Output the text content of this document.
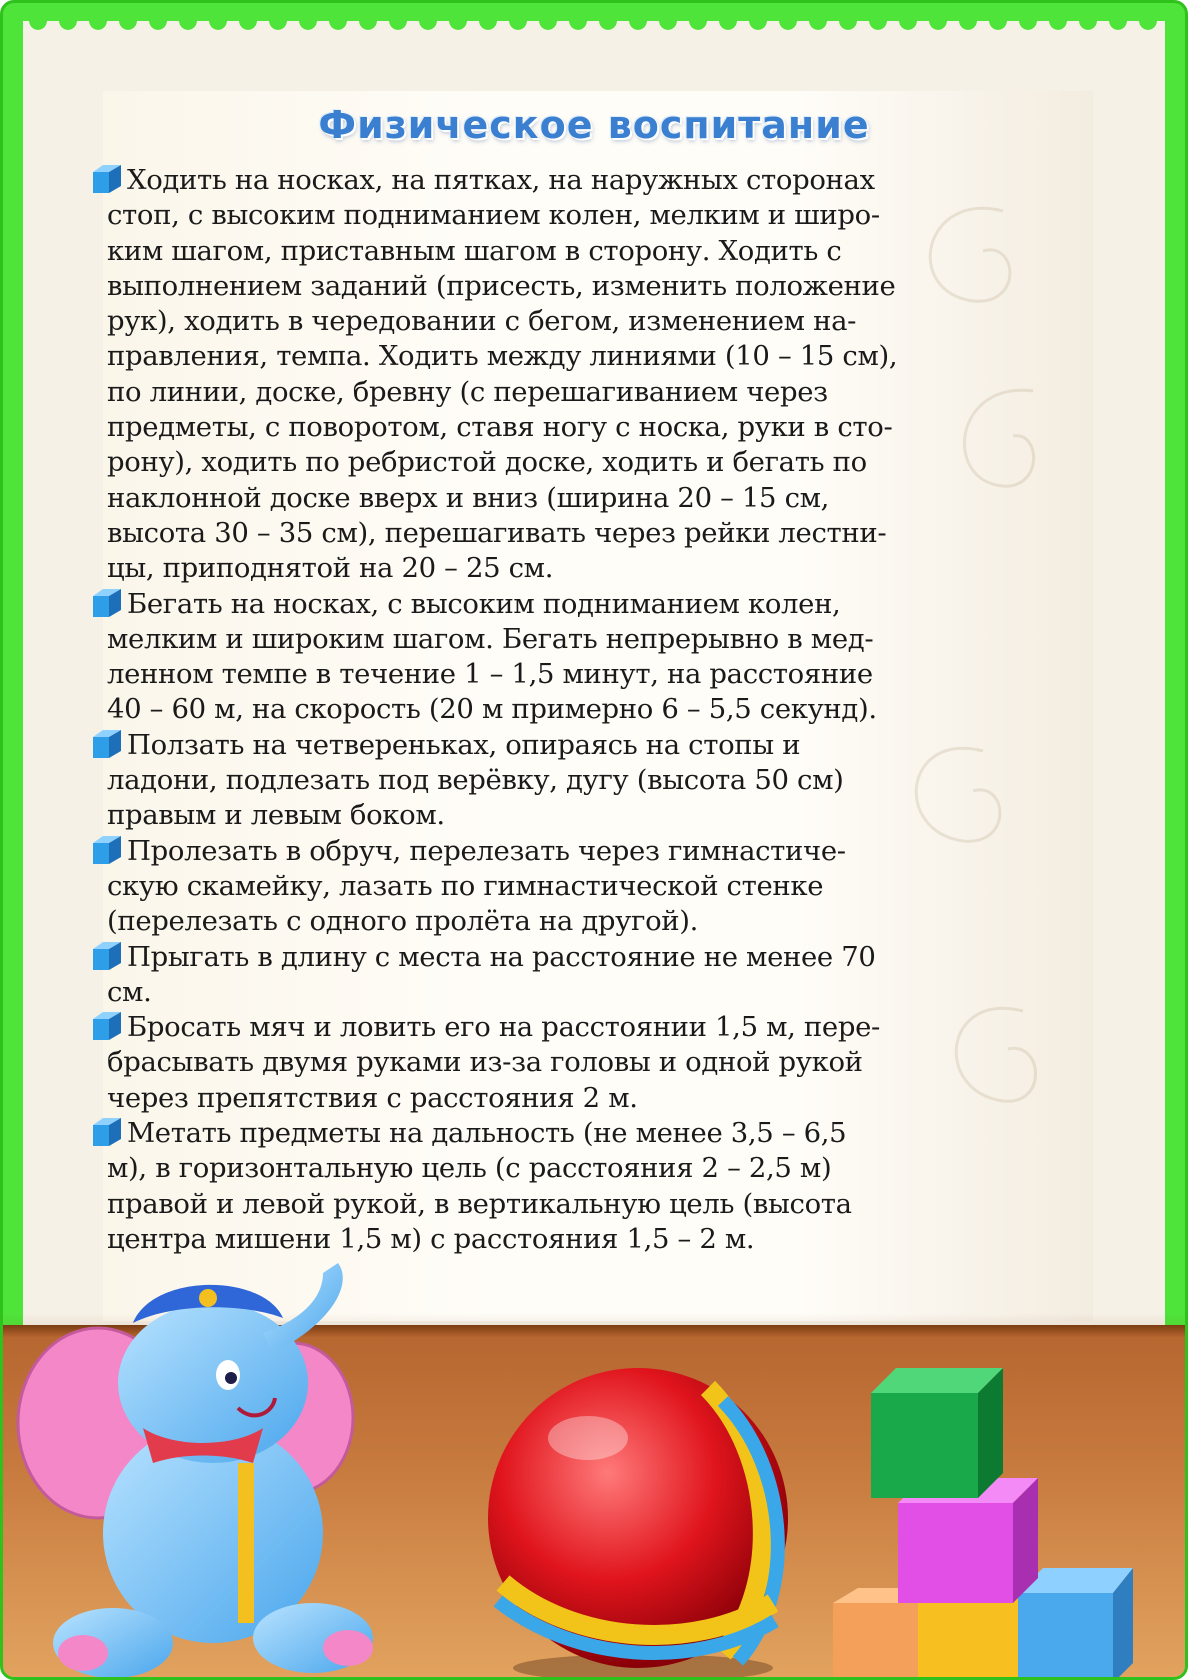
Физическое воспитание
Ходить на носках, на пятках, на наружных сторонах
стоп, с высоким подниманием колен, мелким и широ-
ким шагом, приставным шагом в сторону. Ходить с
выполнением заданий (присесть, изменить положение
рук), ходить в чередовании с бегом, изменением на-
правления, темпа. Ходить между линиями (10 – 15 см),
по линии, доске, бревну (с перешагиванием через
предметы, с поворотом, ставя ногу с носка, руки в сто-
рону), ходить по ребристой доске, ходить и бегать по
наклонной доске вверх и вниз (ширина 20 – 15 см,
высота 30 – 35 см), перешагивать через рейки лестни-
цы, приподнятой на 20 – 25 см.
Бегать на носках, с высоким подниманием колен,
мелким и широким шагом. Бегать непрерывно в мед-
ленном темпе в течение 1 – 1,5 минут, на расстояние
40 – 60 м, на скорость (20 м примерно 6 – 5,5 секунд).
Ползать на четвереньках, опираясь на стопы и
ладони, подлезать под верёвку, дугу (высота 50 см)
правым и левым боком.
Пролезать в обруч, перелезать через гимнастиче-
скую скамейку, лазать по гимнастической стенке
(перелезать с одного пролёта на другой).
Прыгать в длину с места на расстояние не менее 70
см.
Бросать мяч и ловить его на расстоянии 1,5 м, пере-
брасывать двумя руками из-за головы и одной рукой
через препятствия с расстояния 2 м.
Метать предметы на дальность (не менее 3,5 – 6,5
м), в горизонтальную цель (с расстояния 2 – 2,5 м)
правой и левой рукой, в вертикальную цель (высота
центра мишени 1,5 м) с расстояния 1,5 – 2 м.
